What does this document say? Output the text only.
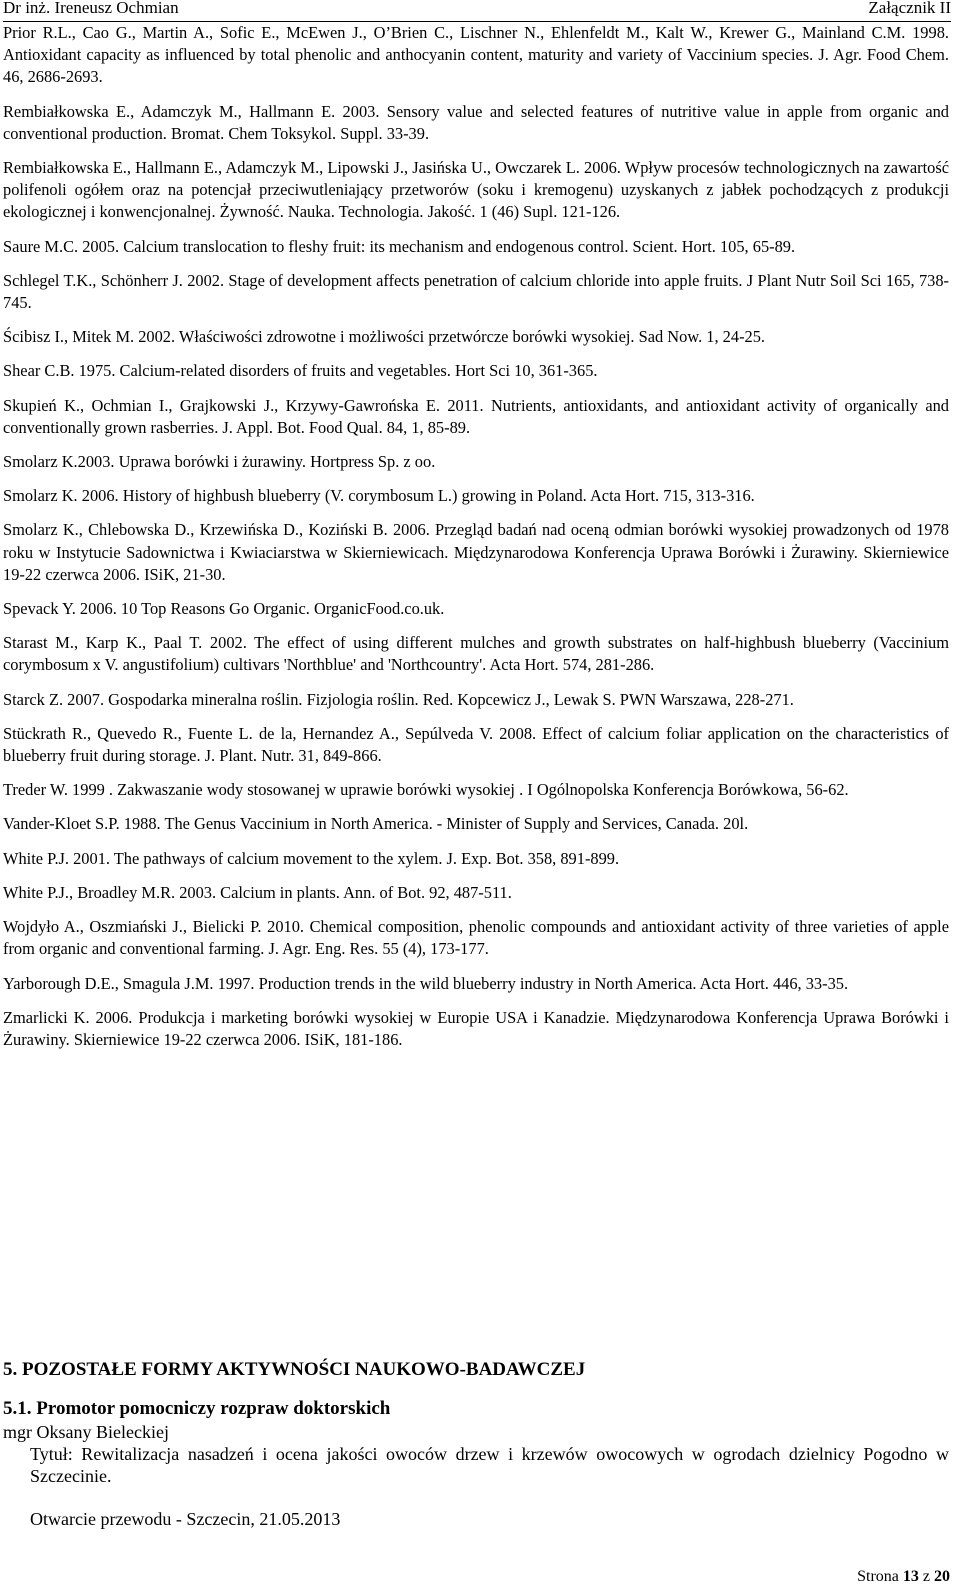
Dr inż. Ireneusz Ochmian	Załącznik II

Prior R.L., Cao G., Martin A., Sofic E., McEwen J., O’Brien C., Lischner N., Ehlenfeldt M., Kalt W., Krewer G., Mainland C.M. 1998. Antioxidant capacity as influenced by total phenolic and anthocyanin content, maturity and variety of Vaccinium species. J. Agr. Food Chem. 46, 2686-2693.

Rembiałkowska E., Adamczyk M., Hallmann E. 2003. Sensory value and selected features of nutritive value in apple from organic and conventional production. Bromat. Chem Toksykol. Suppl. 33-39.

Rembiałkowska E., Hallmann E., Adamczyk M., Lipowski J., Jasińska U., Owczarek L. 2006. Wpływ procesów technologicznych na zawartość polifenoli ogółem oraz na potencjał przeciwutleniający przetworów (soku i kremogenu) uzyskanych z jabłek pochodzących z produkcji ekologicznej i konwencjonalnej. Żywność. Nauka. Technologia. Jakość. 1 (46) Supl. 121-126.

Saure M.C. 2005. Calcium translocation to fleshy fruit: its mechanism and endogenous control. Scient. Hort. 105, 65-89.

Schlegel T.K., Schönherr J. 2002. Stage of development affects penetration of calcium chloride into apple fruits. J Plant Nutr Soil Sci 165, 738-745.

Ścibisz I., Mitek M. 2002. Właściwości zdrowotne i możliwości przetwórcze borówki wysokiej. Sad Now. 1, 24-25.

Shear C.B. 1975. Calcium-related disorders of fruits and vegetables. Hort Sci 10, 361-365.

Skupień K., Ochmian I., Grajkowski J., Krzywy-Gawrońska E. 2011. Nutrients, antioxidants, and antioxidant activity of organically and conventionally grown rasberries. J. Appl. Bot. Food Qual. 84, 1, 85-89.

Smolarz K.2003. Uprawa borówki i żurawiny. Hortpress Sp. z oo.

Smolarz K. 2006. History of highbush blueberry (V. corymbosum L.) growing in Poland. Acta Hort. 715, 313-316.

Smolarz K., Chlebowska D., Krzewińska D., Koziński B. 2006. Przegląd badań nad oceną odmian borówki wysokiej prowadzonych od 1978 roku w Instytucie Sadownictwa i Kwiaciarstwa w Skierniewicach. Międzynarodowa Konferencja Uprawa Borówki i Żurawiny. Skierniewice 19-22 czerwca 2006. ISiK, 21-30.

Spevack Y. 2006. 10 Top Reasons Go Organic. OrganicFood.co.uk.

Starast M., Karp K., Paal T. 2002. The effect of using different mulches and growth substrates on half-highbush blueberry (Vaccinium corymbosum x V. angustifolium) cultivars 'Northblue' and 'Northcountry'. Acta Hort. 574, 281-286.

Starck Z. 2007. Gospodarka mineralna roślin. Fizjologia roślin. Red. Kopcewicz J., Lewak S. PWN Warszawa, 228-271.

Stückrath R., Quevedo R., Fuente L. de la, Hernandez A., Sepúlveda V. 2008. Effect of calcium foliar application on the characteristics of blueberry fruit during storage. J. Plant. Nutr. 31, 849-866.

Treder W. 1999 . Zakwaszanie wody stosowanej w uprawie borówki wysokiej . I Ogólnopolska Konferencja Borówkowa, 56-62.

Vander-Kloet S.P. 1988. The Genus Vaccinium in North America. - Minister of Supply and Services, Canada. 20l.

White P.J. 2001. The pathways of calcium movement to the xylem. J. Exp. Bot. 358, 891-899.

White P.J., Broadley M.R. 2003. Calcium in plants. Ann. of Bot. 92, 487-511.

Wojdyło A., Oszmiański J., Bielicki P. 2010. Chemical composition, phenolic compounds and antioxidant activity of three varieties of apple from organic and conventional farming. J. Agr. Eng. Res. 55 (4), 173-177.

Yarborough D.E., Smagula J.M. 1997. Production trends in the wild blueberry industry in North America. Acta Hort. 446, 33-35.

Zmarlicki K. 2006. Produkcja i marketing borówki wysokiej w Europie USA i Kanadzie. Międzynarodowa Konferencja Uprawa Borówki i Żurawiny. Skierniewice 19-22 czerwca 2006. ISiK, 181-186.

5. POZOSTAŁE FORMY AKTYWNOŚCI NAUKOWO-BADAWCZEJ
5.1. Promotor pomocniczy rozpraw doktorskich
mgr Oksany Bieleckiej
Tytuł: Rewitalizacja nasadzeń i ocena jakości owoców drzew i krzewów owocowych w ogrodach dzielnicy Pogodno w Szczecinie.
Otwarcie przewodu - Szczecin, 21.05.2013
Strona 13 z 20
